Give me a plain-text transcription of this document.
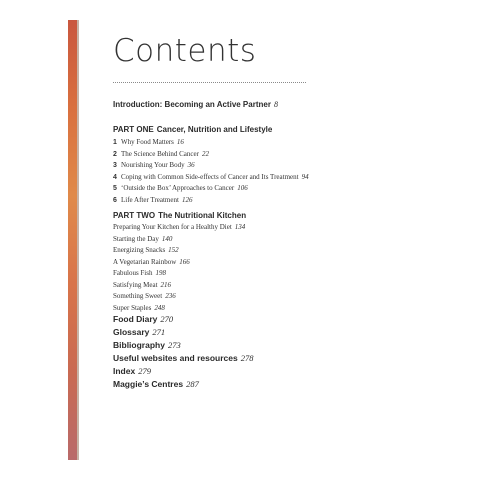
Contents
Introduction: Becoming an Active Partner 8
PART ONE Cancer, Nutrition and Lifestyle
1 Why Food Matters 16
2 The Science Behind Cancer 22
3 Nourishing Your Body 36
4 Coping with Common Side-effects of Cancer and Its Treatment 94
5 ‘Outside the Box’ Approaches to Cancer 106
6 Life After Treatment 126
PART TWO The Nutritional Kitchen
Preparing Your Kitchen for a Healthy Diet 134
Starting the Day 140
Energizing Snacks 152
A Vegetarian Rainbow 166
Fabulous Fish 198
Satisfying Meat 216
Something Sweet 236
Super Staples 248
Food Diary 270
Glossary 271
Bibliography 273
Useful websites and resources 278
Index 279
Maggie’s Centres 287
